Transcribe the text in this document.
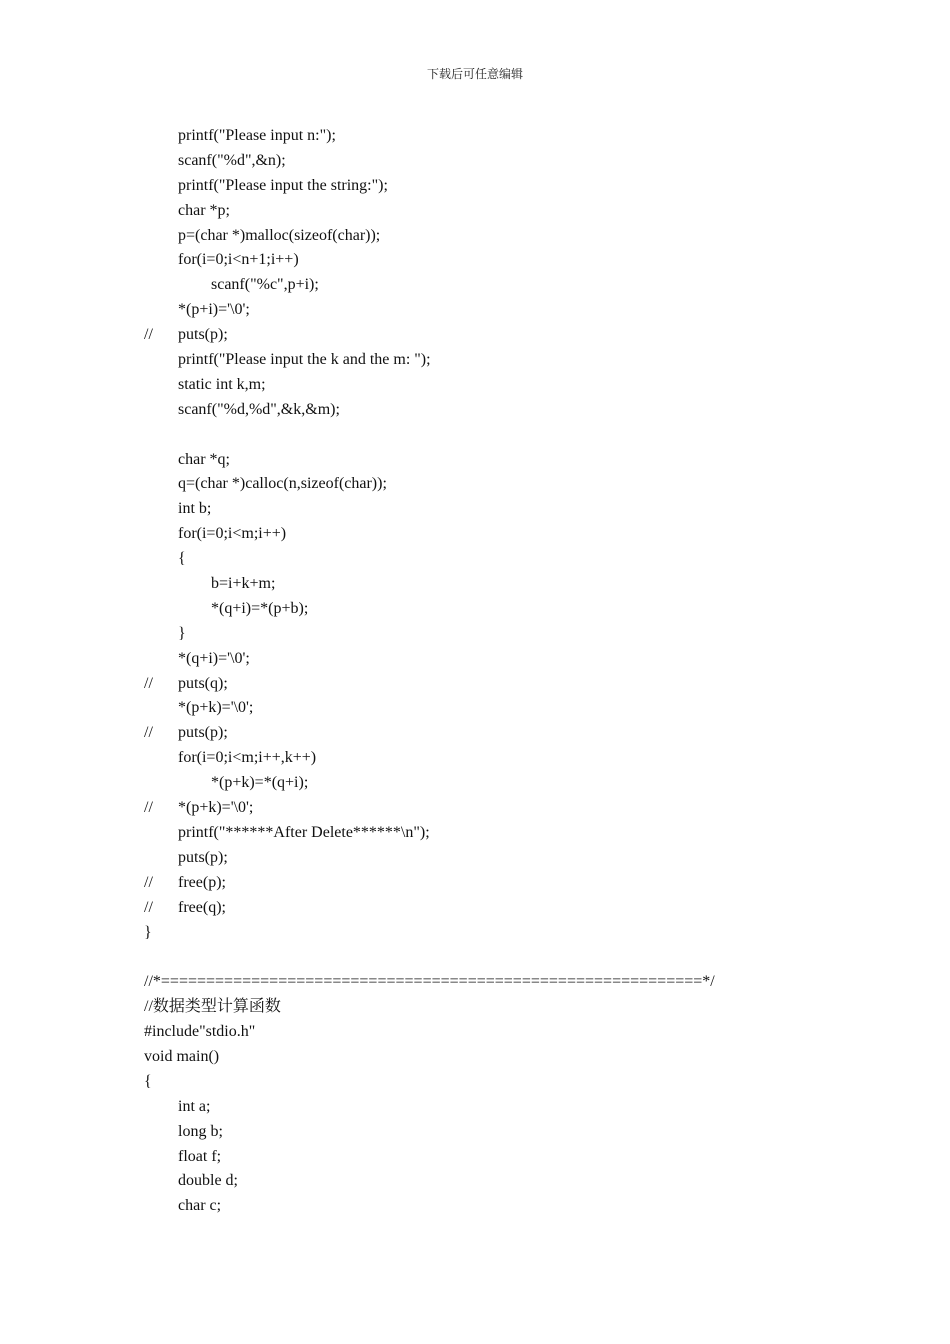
下载后可任意编辑
printf("Please input n:");
scanf("%d",&n);
printf("Please input the string:");
char *p;
p=(char *)malloc(sizeof(char));
for(i=0;i<n+1;i++)
scanf("%c",p+i);
*(p+i)='\0';
// puts(p);
printf("Please input the k and the m: ");
static int k,m;
scanf("%d,%d",&k,&m);
char *q;
q=(char *)calloc(n,sizeof(char));
int b;
for(i=0;i<m;i++)
{
b=i+k+m;
*(q+i)=*(p+b);
}
*(q+i)='\0';
// puts(q);
*(p+k)='\0';
// puts(p);
for(i=0;i<m;i++,k++)
*(p+k)=*(q+i);
// *(p+k)='\0';
printf("******After Delete******\n");
puts(p);
// free(p);
// free(q);
}
//*============================================================*/
//数据类型计算函数
#include"stdio.h"
void main()
{
int a;
long b;
float f;
double d;
char c;
